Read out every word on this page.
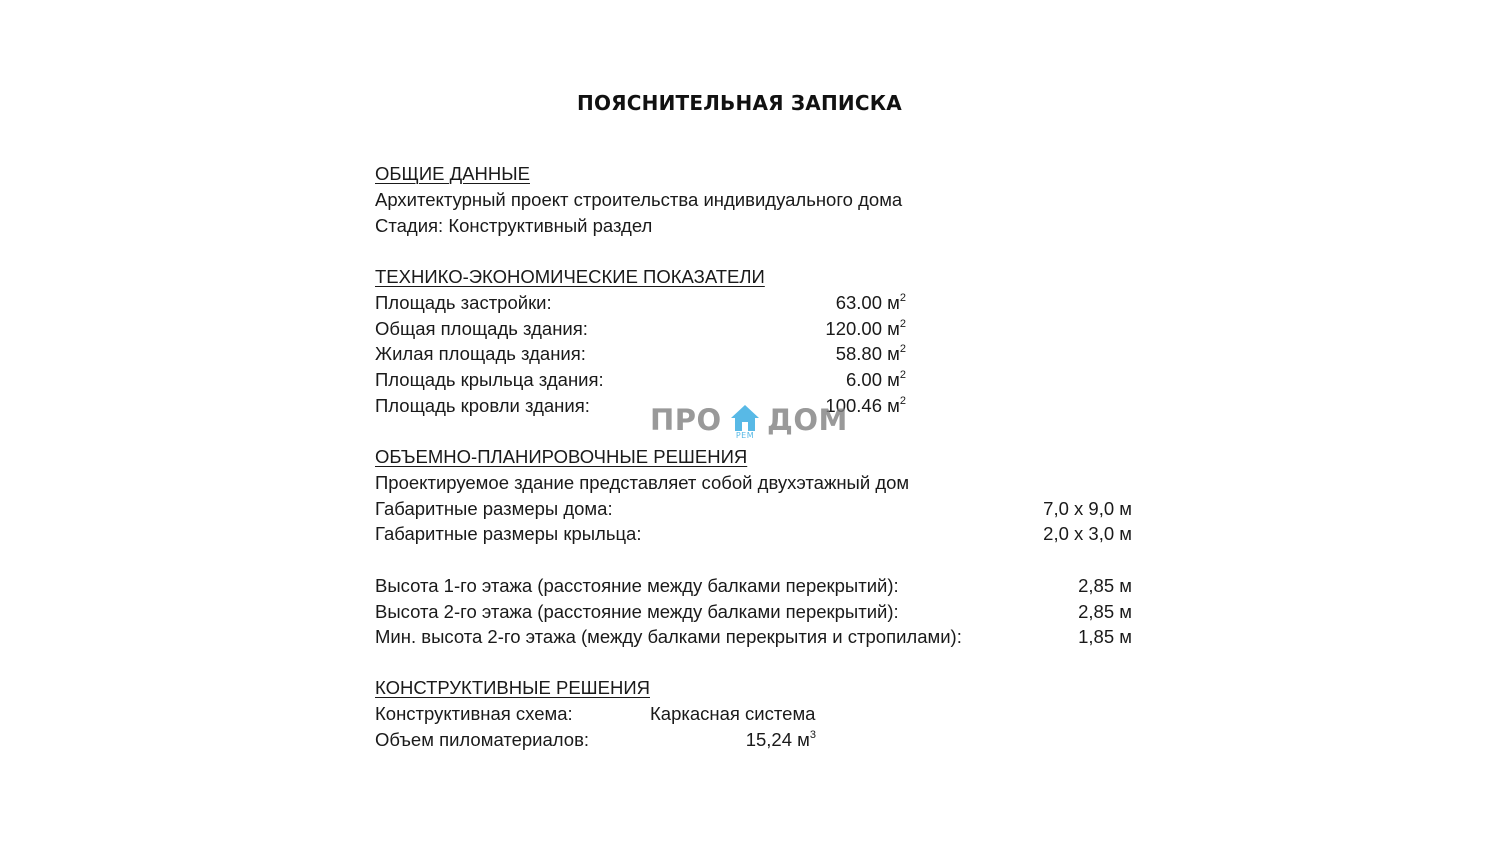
ПОЯСНИТЕЛЬНАЯ ЗАПИСКА
ОБЩИЕ ДАННЫЕ
Архитектурный проект строительства индивидуального дома
Стадия: Конструктивный раздел
ТЕХНИКО-ЭКОНОМИЧЕСКИЕ ПОКАЗАТЕЛИ
Площадь застройки:	63.00 $м^2$
Общая площадь здания:	120.00 $м^2$
Жилая площадь здания:	58.80 $м^2$
Площадь крыльца здания:	6.00 $м^2$
Площадь кровли здания:	100.46 $м^2$
ПРО	РЕМ ДОМ
ОБЪЕМНО-ПЛАНИРОВОЧНЫЕ РЕШЕНИЯ
Проектируемое здание представляет собой двухэтажный дом
Габаритные размеры дома:	7,0 х 9,0 м
Габаритные размеры крыльца:	2,0 х 3,0 м
Высота 1-го этажа (расстояние между балками перекрытий):	2,85 м
Высота 2-го этажа (расстояние между балками перекрытий):	2,85 м
Мин. высота 2-го этажа (между балками перекрытия и стропилами):	1,85 м
КОНСТРУКТИВНЫЕ РЕШЕНИЯ
Конструктивная схема:	Каркасная система
Объем пиломатериалов:	15,24 $м^3$
